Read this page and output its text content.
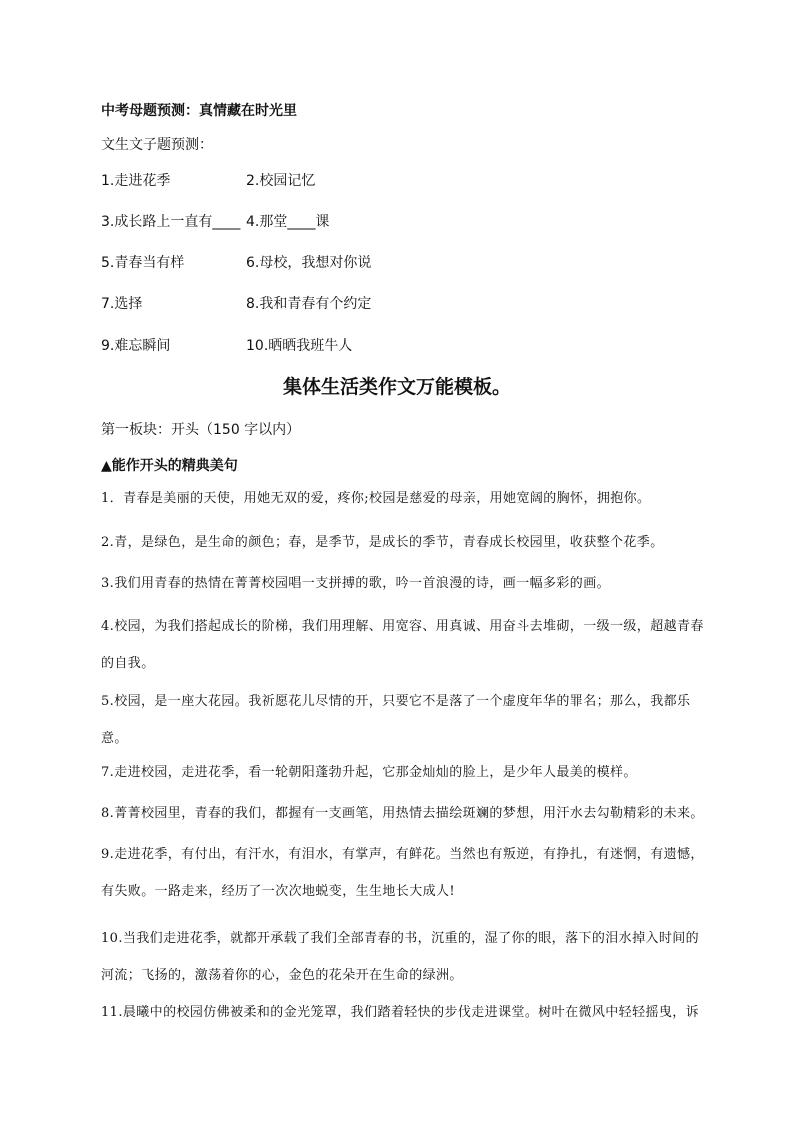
中考母题预测：真情藏在时光里
文生文子题预测：
1.走进花季	2.校园记忆
3.成长路上一直有____ 4.那堂____课
5.青春当有样	6.母校，我想对你说
7.选择	8.我和青春有个约定
9.难忘瞬间	10.晒晒我班牛人
集体生活类作文万能模板。
第一板块：开头（150 字以内）
▲能作开头的精典美句
1．青春是美丽的天使，用她无双的爱，疼你;校园是慈爱的母亲，用她宽阔的胸怀，拥抱你。
2.青，是绿色，是生命的颜色；春，是季节，是成长的季节，青春成长校园里，收获整个花季。
3.我们用青春的热情在菁菁校园唱一支拼搏的歌，吟一首浪漫的诗，画一幅多彩的画。
4.校园，为我们搭起成长的阶梯，我们用理解、用宽容、用真诚、用奋斗去堆砌，一级一级，超越青春的自我。
5.校园，是一座大花园。我祈愿花儿尽情的开，只要它不是落了一个虚度年华的罪名；那么，我都乐意。
7.走进校园，走进花季，看一轮朝阳蓬勃升起，它那金灿灿的脸上，是少年人最美的模样。
8.菁菁校园里，青春的我们，都握有一支画笔，用热情去描绘斑斓的梦想，用汗水去勾勒精彩的未来。
9.走进花季，有付出，有汗水，有泪水，有掌声，有鲜花。当然也有叛逆，有挣扎，有迷惘，有遗憾，有失败。一路走来，经历了一次次地蜕变，生生地长大成人!
10.当我们走进花季，就都开承载了我们全部青春的书，沉重的，湿了你的眼，落下的泪水掉入时间的河流；飞扬的，激荡着你的心，金色的花朵开在生命的绿洲。
11.晨曦中的校园仿佛被柔和的金光笼罩，我们踏着轻快的步伐走进课堂。树叶在微风中轻轻摇曳，诉
